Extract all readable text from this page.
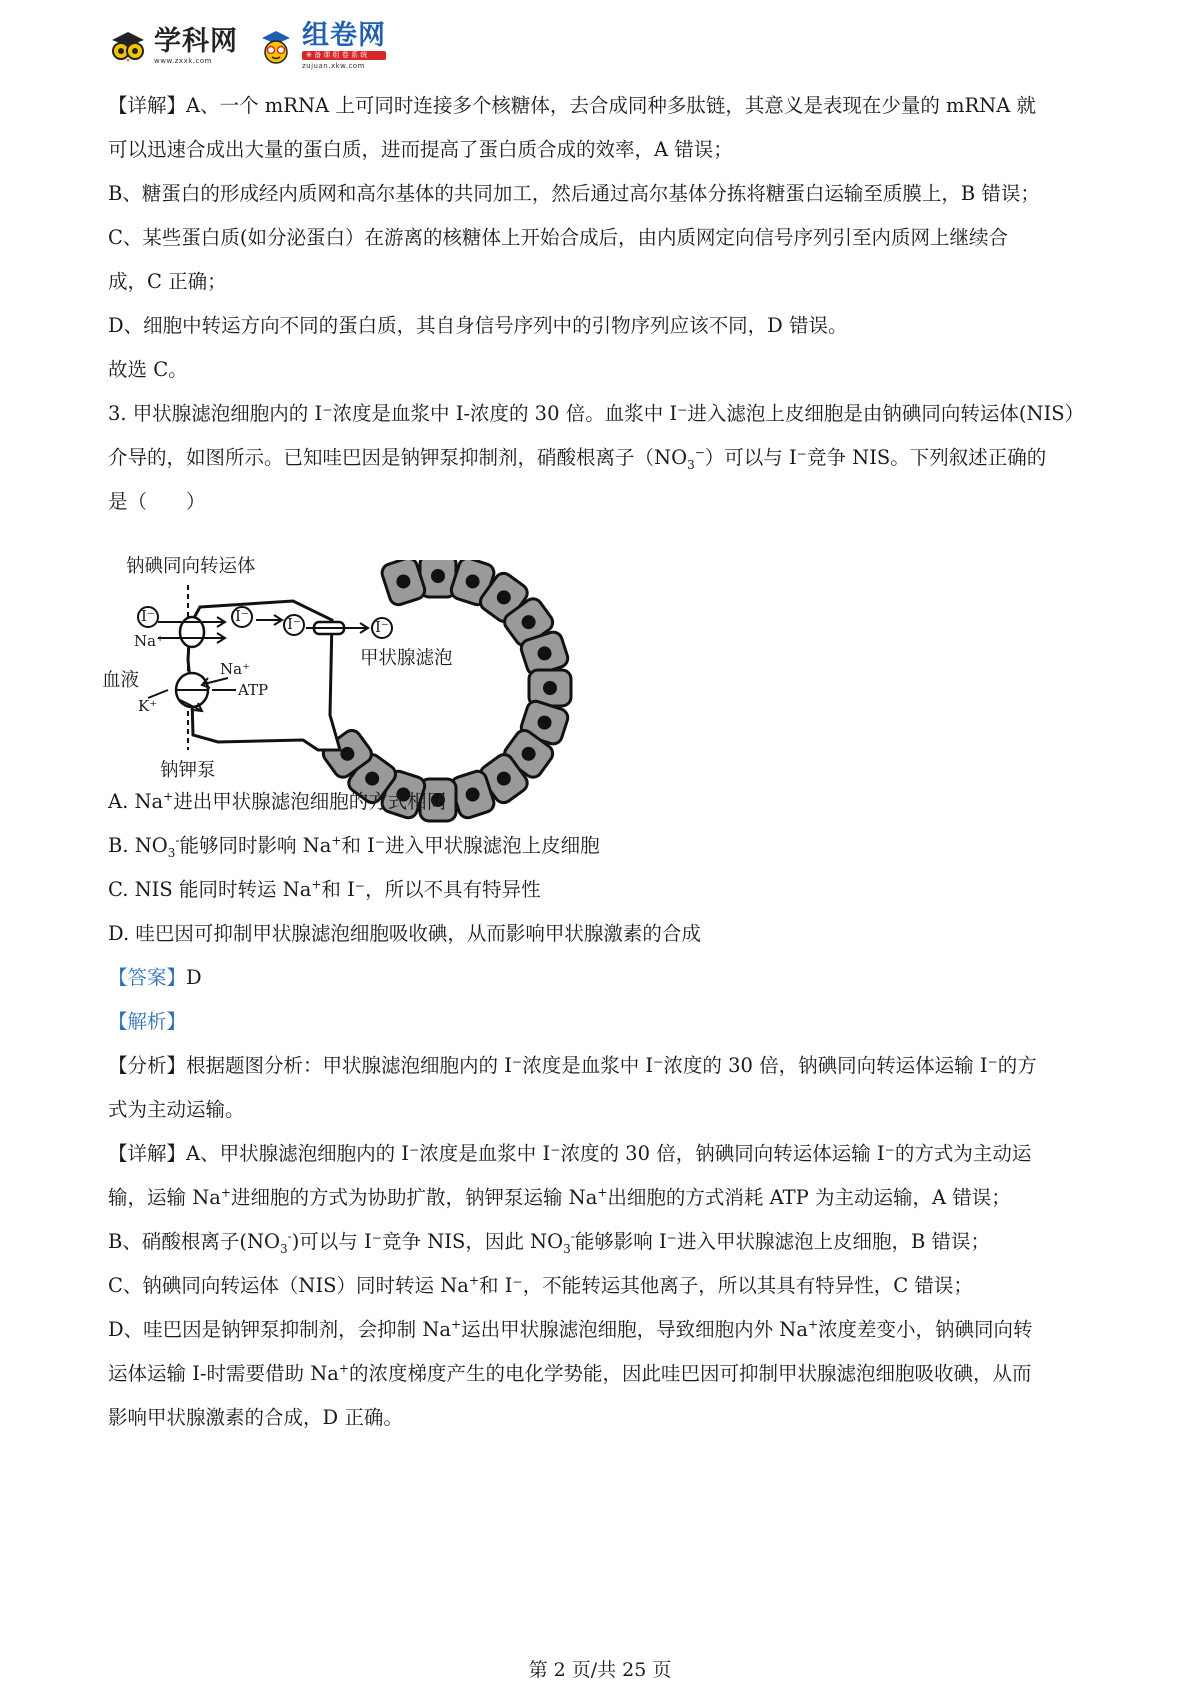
学科网
www.zxxk.com
组卷网
※ 备 课 组 卷 系 统
zujuan.xkw.com
【详解】A、一个 mRNA 上可同时连接多个核糖体，去合成同种多肽链，其意义是表现在少量的 mRNA 就
可以迅速合成出大量的蛋白质，进而提高了蛋白质合成的效率，A 错误；
B、糖蛋白的形成经内质网和高尔基体的共同加工，然后通过高尔基体分拣将糖蛋白运输至质膜上，B 错误；
C、某些蛋白质(如分泌蛋白）在游离的核糖体上开始合成后，由内质网定向信号序列引至内质网上继续合
成，C 正确；
D、细胞中转运方向不同的蛋白质，其自身信号序列中的引物序列应该不同，D 错误。
故选 C。
3. 甲状腺滤泡细胞内的 I⁻浓度是血浆中 I-浓度的 30 倍。血浆中 I⁻进入滤泡上皮细胞是由钠碘同向转运体(NIS）
介导的，如图所示。已知哇巴因是钠钾泵抑制剂，硝酸根离子$(NO_3^-)$可以与 I⁻竞争 NIS。下列叙述正确的
是（　　）
钠碘同向转运体
血液
甲状腺滤泡
钠钾泵
I⁻	I⁻	I⁻	I⁻
Na⁺
Na⁺
ATP
K⁺
A. Na+进出甲状腺滤泡细胞的方式相同
B. $NO_3^-$能够同时影响 Na+和 I⁻进入甲状腺滤泡上皮细胞
C. NIS 能同时转运 Na+和 I⁻，所以不具有特异性
D. 哇巴因可抑制甲状腺滤泡细胞吸收碘，从而影响甲状腺激素的合成
【答案】D
【解析】
【分析】根据题图分析：甲状腺滤泡细胞内的 I⁻浓度是血浆中 I⁻浓度的 30 倍，钠碘同向转运体运输 I⁻的方
式为主动运输。
【详解】A、甲状腺滤泡细胞内的 I⁻浓度是血浆中 I⁻浓度的 30 倍，钠碘同向转运体运输 I⁻的方式为主动运
输，运输 Na+进细胞的方式为协助扩散，钠钾泵运输 Na+出细胞的方式消耗 ATP 为主动运输，A 错误；
B、硝酸根离子$(NO_3^-)$可以与 I⁻竞争 NIS，因此 $NO_3^-$能够影响 I⁻进入甲状腺滤泡上皮细胞，B 错误；
C、钠碘同向转运体（NIS）同时转运 Na+和 I⁻，不能转运其他离子，所以其具有特异性，C 错误；
D、哇巴因是钠钾泵抑制剂，会抑制 Na+运出甲状腺滤泡细胞，导致细胞内外 Na+浓度差变小，钠碘同向转
运体运输 I-时需要借助 Na+的浓度梯度产生的电化学势能，因此哇巴因可抑制甲状腺滤泡细胞吸收碘，从而
影响甲状腺激素的合成，D 正确。
第 2 页/共 25 页
